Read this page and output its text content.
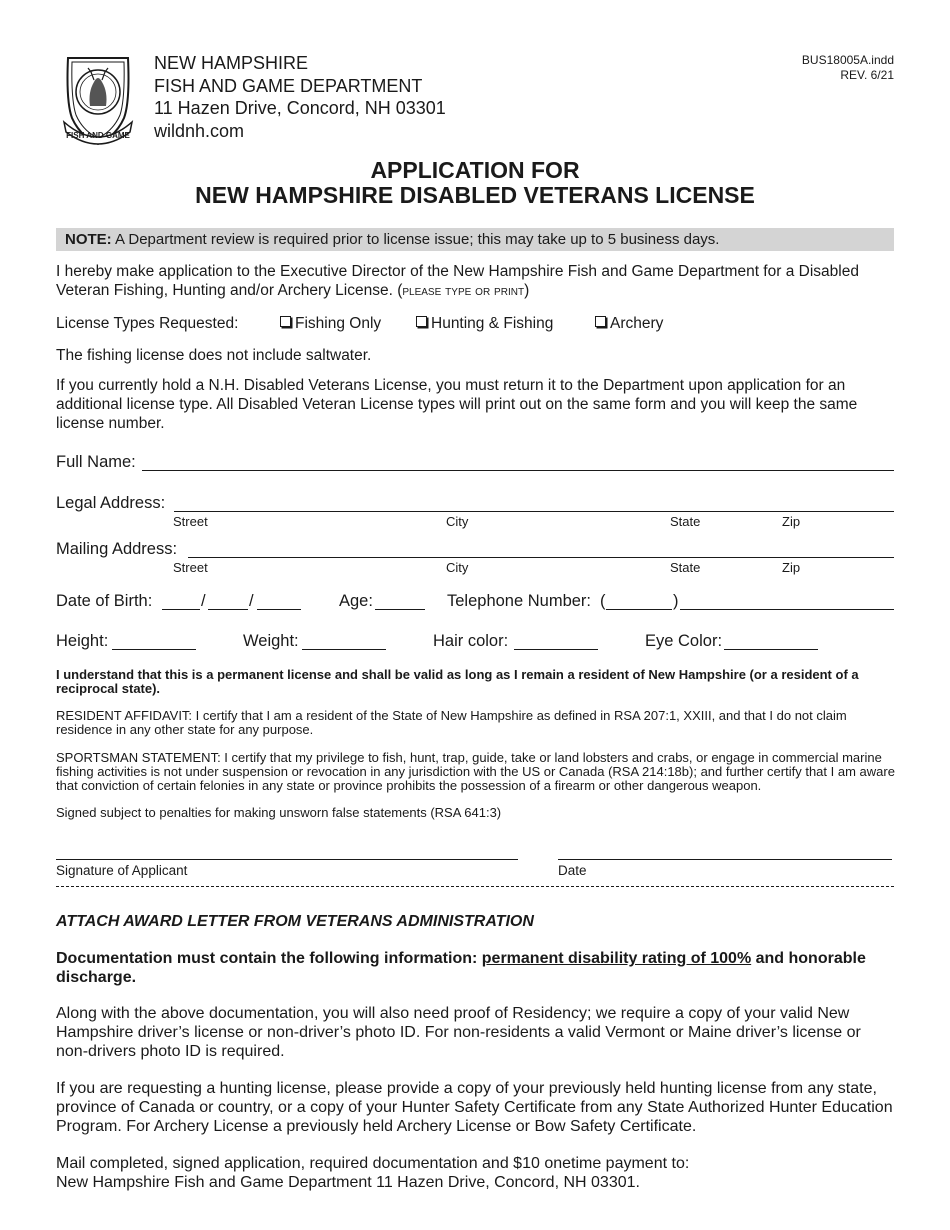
FISH AND GAME
NEW HAMPSHIRE
FISH AND GAME DEPARTMENT
11 Hazen Drive, Concord, NH 03301
wildnh.com
BUS18005A.indd
REV. 6/21
APPLICATION FOR
NEW HAMPSHIRE DISABLED VETERANS LICENSE
NOTE: A Department review is required prior to license issue; this may take up to 5 business days.
I hereby make application to the Executive Director of the New Hampshire Fish and Game Department for a Disabled Veteran Fishing, Hunting and/or Archery License. (please type or print)
License Types Requested:	Fishing Only	Hunting & Fishing	Archery
The fishing license does not include saltwater.
If you currently hold a N.H. Disabled Veterans License, you must return it to the Department upon application for an additional license type. All Disabled Veteran License types will print out on the same form and you will keep the same license number.
Full Name:
Legal Address:
Street	City	State	Zip
Mailing Address:
Street	City	State	Zip
Date of Birth:	/	/	Age:	Telephone Number: (	)
Height:	Weight:	Hair color:	Eye Color:
I understand that this is a permanent license and shall be valid as long as I remain a resident of New Hampshire (or a resident of a reciprocal state).
RESIDENT AFFIDAVIT: I certify that I am a resident of the State of New Hampshire as defined in RSA 207:1, XXIII, and that I do not claim residence in any other state for any purpose.
SPORTSMAN STATEMENT: I certify that my privilege to fish, hunt, trap, guide, take or land lobsters and crabs, or engage in commercial marine fishing activities is not under suspension or revocation in any jurisdiction with the US or Canada (RSA 214:18b); and further certify that I am aware that conviction of certain felonies in any state or province prohibits the possession of a firearm or other dangerous weapon.
Signed subject to penalties for making unsworn false statements (RSA 641:3)
Signature of Applicant	Date
ATTACH AWARD LETTER FROM VETERANS ADMINISTRATION
Documentation must contain the following information: permanent disability rating of 100% and honorable discharge.
Along with the above documentation, you will also need proof of Residency; we require a copy of your valid New Hampshire driver’s license or non-driver’s photo ID. For non-residents a valid Vermont or Maine driver’s license or non-drivers photo ID is required.
If you are requesting a hunting license, please provide a copy of your previously held hunting license from any state, province of Canada or country, or a copy of your Hunter Safety Certificate from any State Authorized Hunter Education Program. For Archery License a previously held Archery License or Bow Safety Certificate.
Mail completed, signed application, required documentation and $10 onetime payment to:
New Hampshire Fish and Game Department 11 Hazen Drive, Concord, NH 03301.
